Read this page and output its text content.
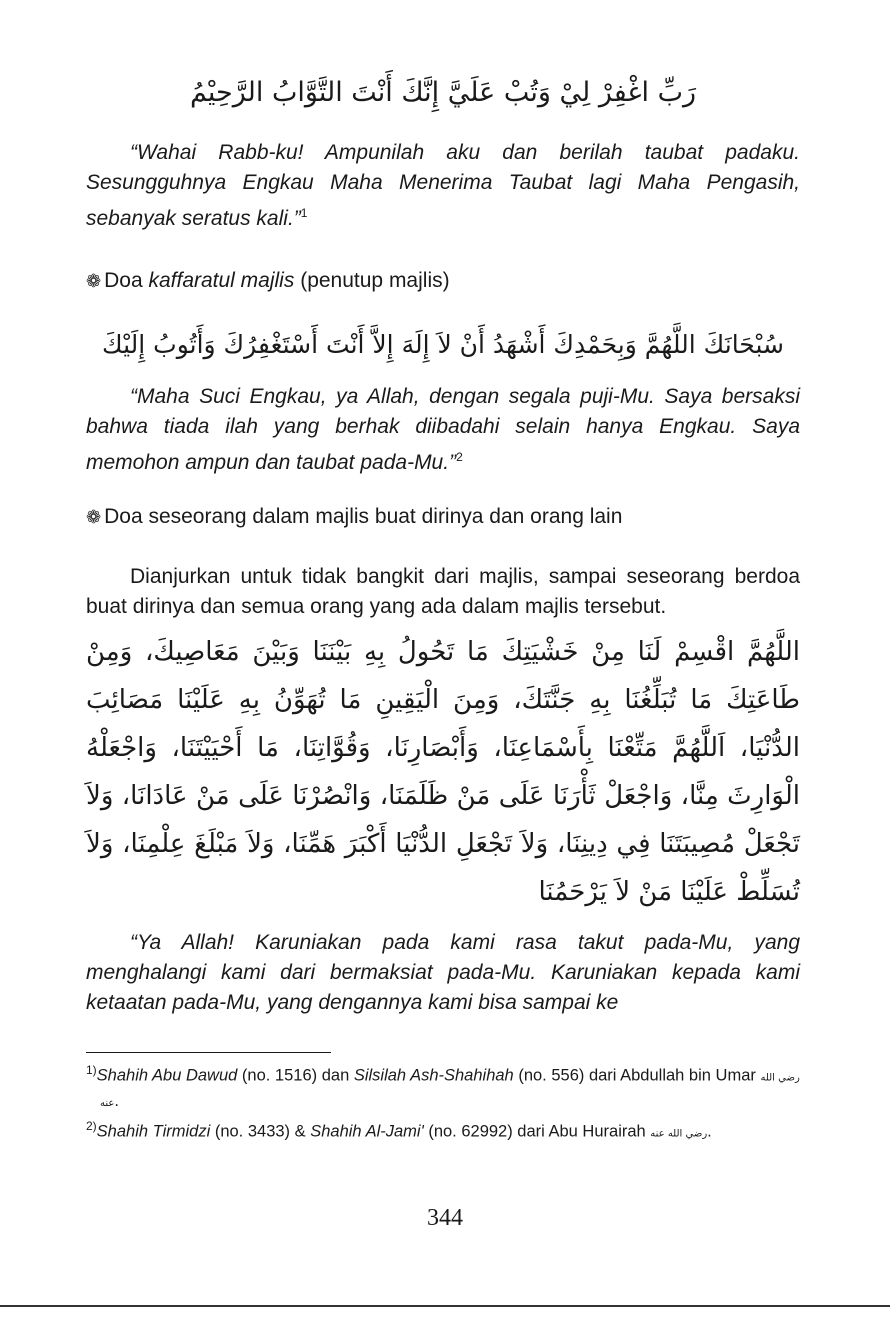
رَبِّ اغْفِرْ لِيْ وَتُبْ عَلَيَّ إِنَّكَ أَنْتَ التَّوَّابُ الرَّحِيْمُ

“Wahai Rabb-ku! Ampunilah aku dan berilah taubat padaku. Sesungguhnya Engkau Maha Menerima Taubat lagi Maha Pengasih, sebanyak seratus kali.”$^1$

❁ Doa
kaffaratul majlis
(penutup majlis)

سُبْحَانَكَ اللَّهُمَّ وَبِحَمْدِكَ أَشْهَدُ أَنْ لاَ إِلَهَ إِلاَّ أَنْتَ أَسْتَغْفِرُكَ وَأَتُوبُ إِلَيْكَ

“Maha Suci Engkau, ya Allah, dengan segala puji-Mu. Saya bersaksi bahwa tiada ilah yang berhak diibadahi selain hanya Engkau. Saya memohon ampun dan taubat pada-Mu.”$^2$

❁ Doa seseorang dalam majlis buat dirinya dan orang lain

Dianjurkan untuk tidak bangkit dari majlis, sampai seseorang berdoa buat dirinya dan semua orang yang ada dalam majlis tersebut.

اللَّهُمَّ اقْسِمْ لَنَا مِنْ خَشْيَتِكَ مَا تَحُولُ بِهِ بَيْنَنَا وَبَيْنَ مَعَاصِيكَ، وَمِنْ طَاعَتِكَ مَا تُبَلِّغُنَا بِهِ جَنَّتَكَ، وَمِنَ الْيَقِينِ مَا تُهَوِّنُ بِهِ عَلَيْنَا مَصَائِبَ الدُّنْيَا، اَللَّهُمَّ مَتِّعْنَا بِأَسْمَاعِنَا، وَأَبْصَارِنَا، وَقُوَّاتِنَا، مَا أَحْيَيْتَنَا، وَاجْعَلْهُ الْوَارِثَ مِنَّا، وَاجْعَلْ ثَأْرَنَا عَلَى مَنْ ظَلَمَنَا، وَانْصُرْنَا عَلَى مَنْ عَادَانَا، وَلاَ تَجْعَلْ مُصِيبَتَنَا فِي دِينِنَا، وَلاَ تَجْعَلِ الدُّنْيَا أَكْبَرَ هَمِّنَا، وَلاَ مَبْلَغَ عِلْمِنَا، وَلاَ تُسَلِّطْ عَلَيْنَا مَنْ لاَ يَرْحَمُنَا

“Ya Allah! Karuniakan pada kami rasa takut pada-Mu, yang menghalangi kami dari bermaksiat pada-Mu. Karuniakan kepada kami ketaatan pada-Mu, yang dengannya kami bisa sampai ke

$^{1)}$Shahih Abu Dawud (no. 1516) dan Silsilah Ash-Shahihah (no. 556) dari Abdullah bin Umar رضي الله عنه.

$^{2)}$Shahih Tirmidzi (no. 3433) & Shahih Al-Jami' (no. 62992) dari Abu Hurairah رضي الله عنه.

344
